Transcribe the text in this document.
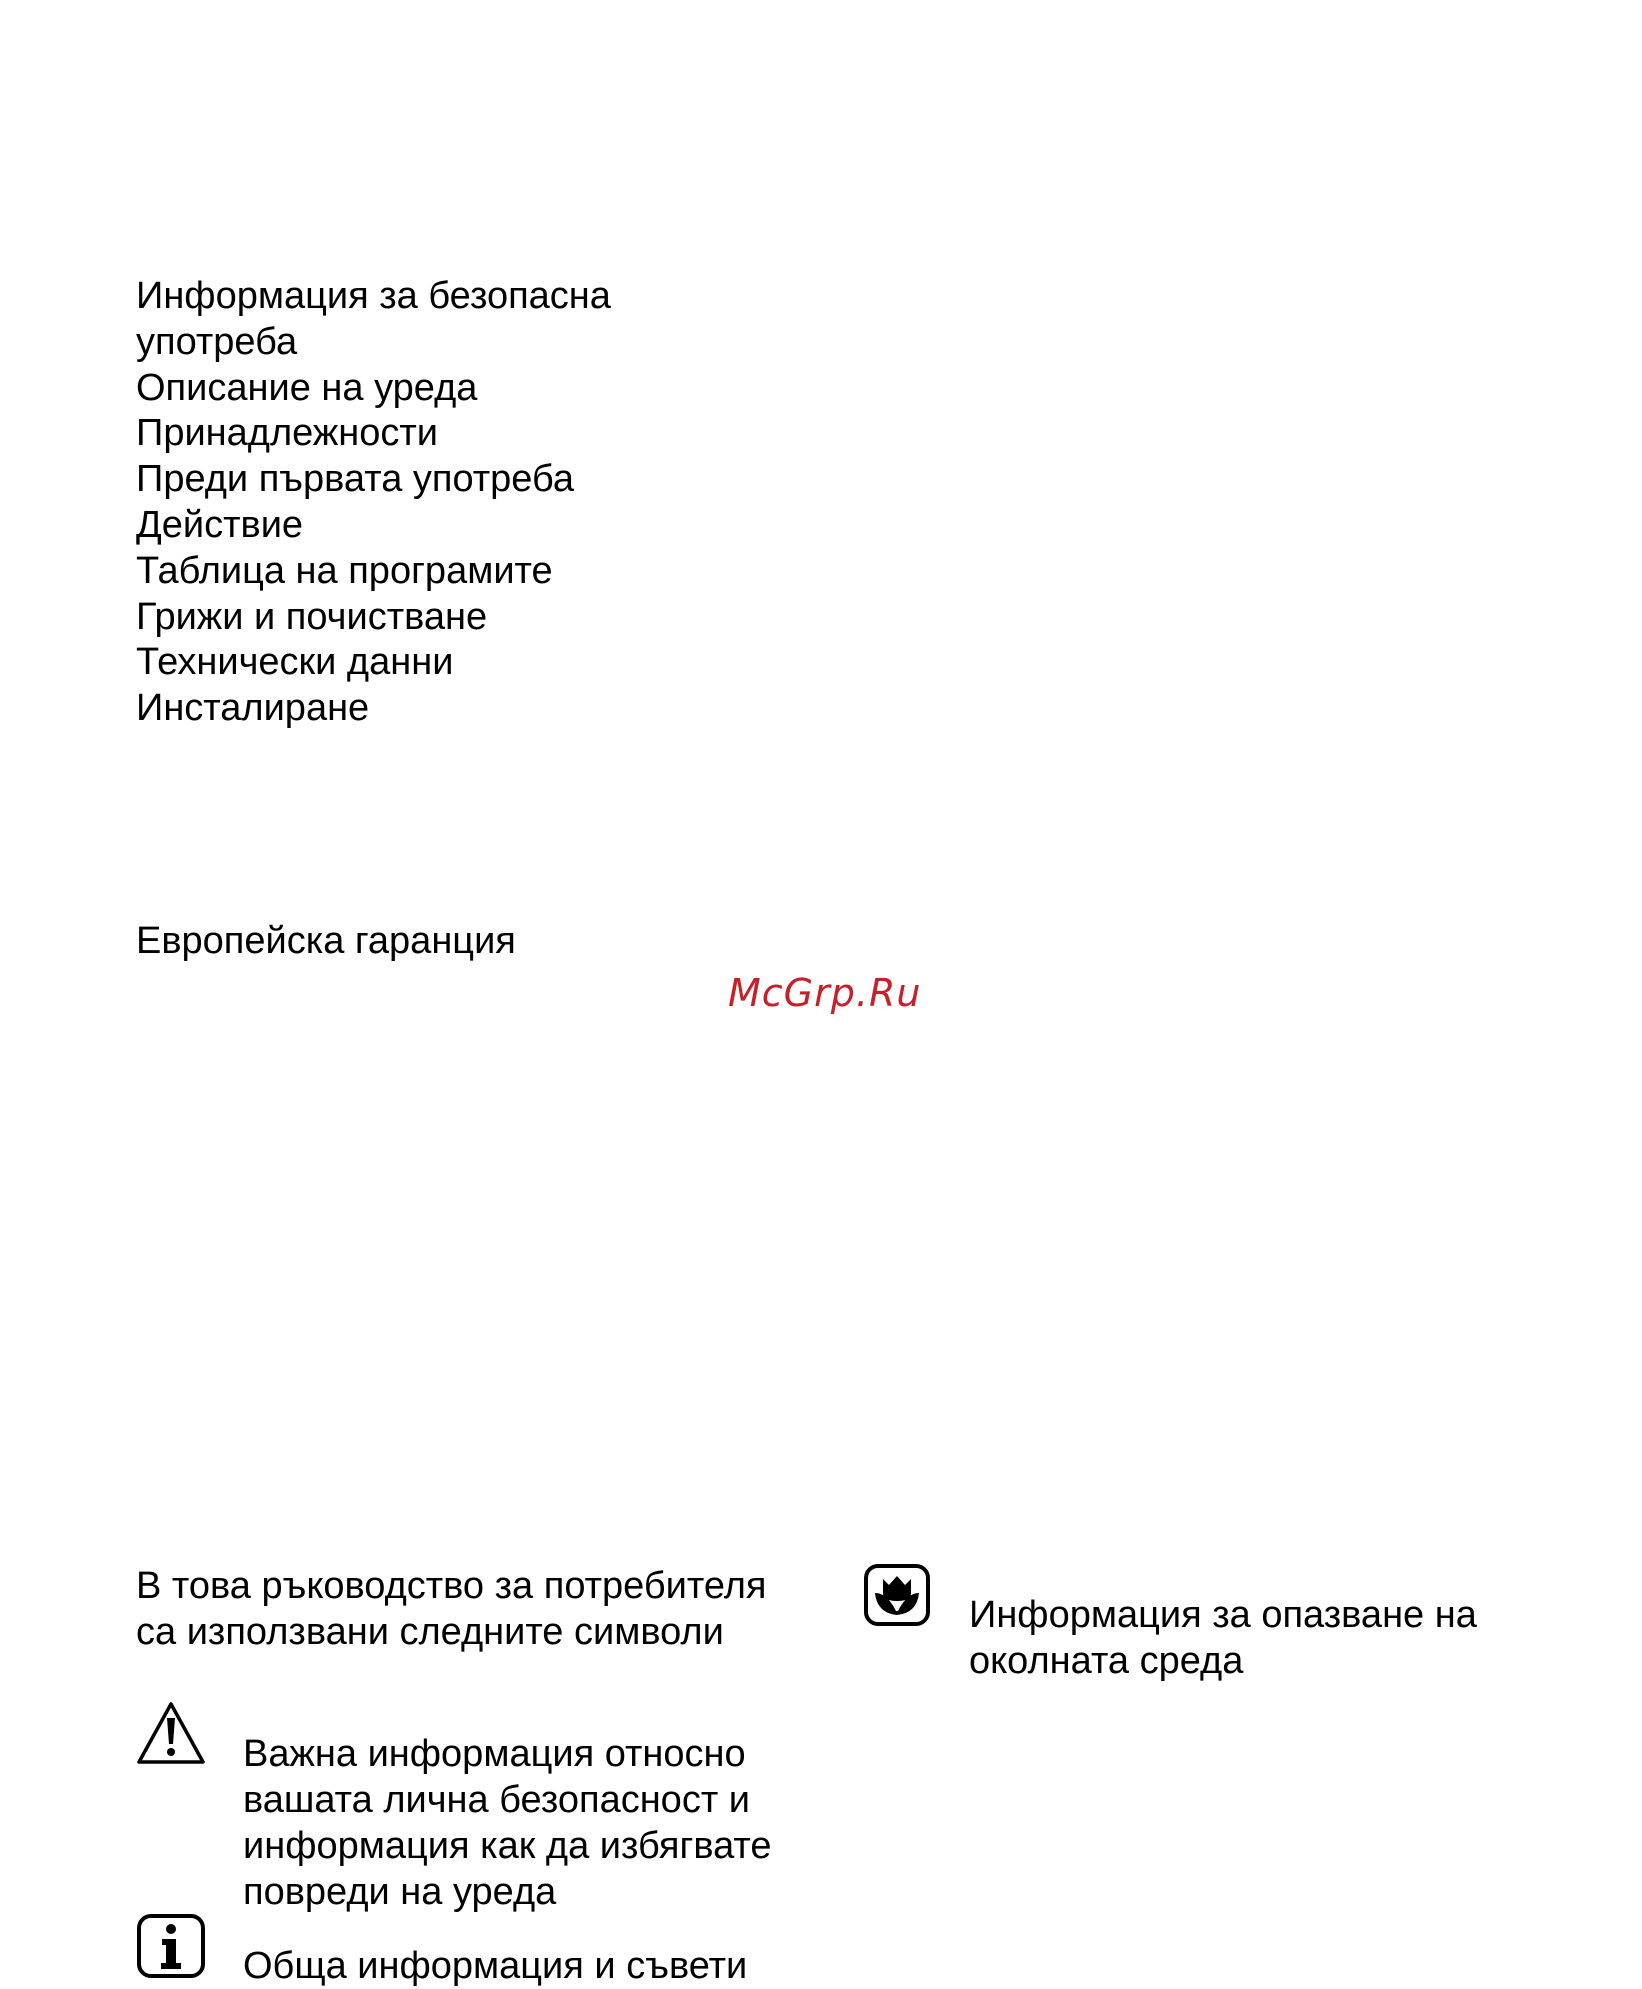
Информация за безопасна
употреба
Описание на уреда
Принадлежности
Преди първата употреба
Действие
Таблица на програмите
Грижи и почистване
Технически данни
Инсталиране
Европейска гаранция
McGrp.Ru
В това ръководство за потребителя
са използвани следните символи
Важна информация относно
вашата лична безопасност и
информация как да избягвате
повреди на уреда
Обща информация и съвети
Информация за опазване на
околната среда
